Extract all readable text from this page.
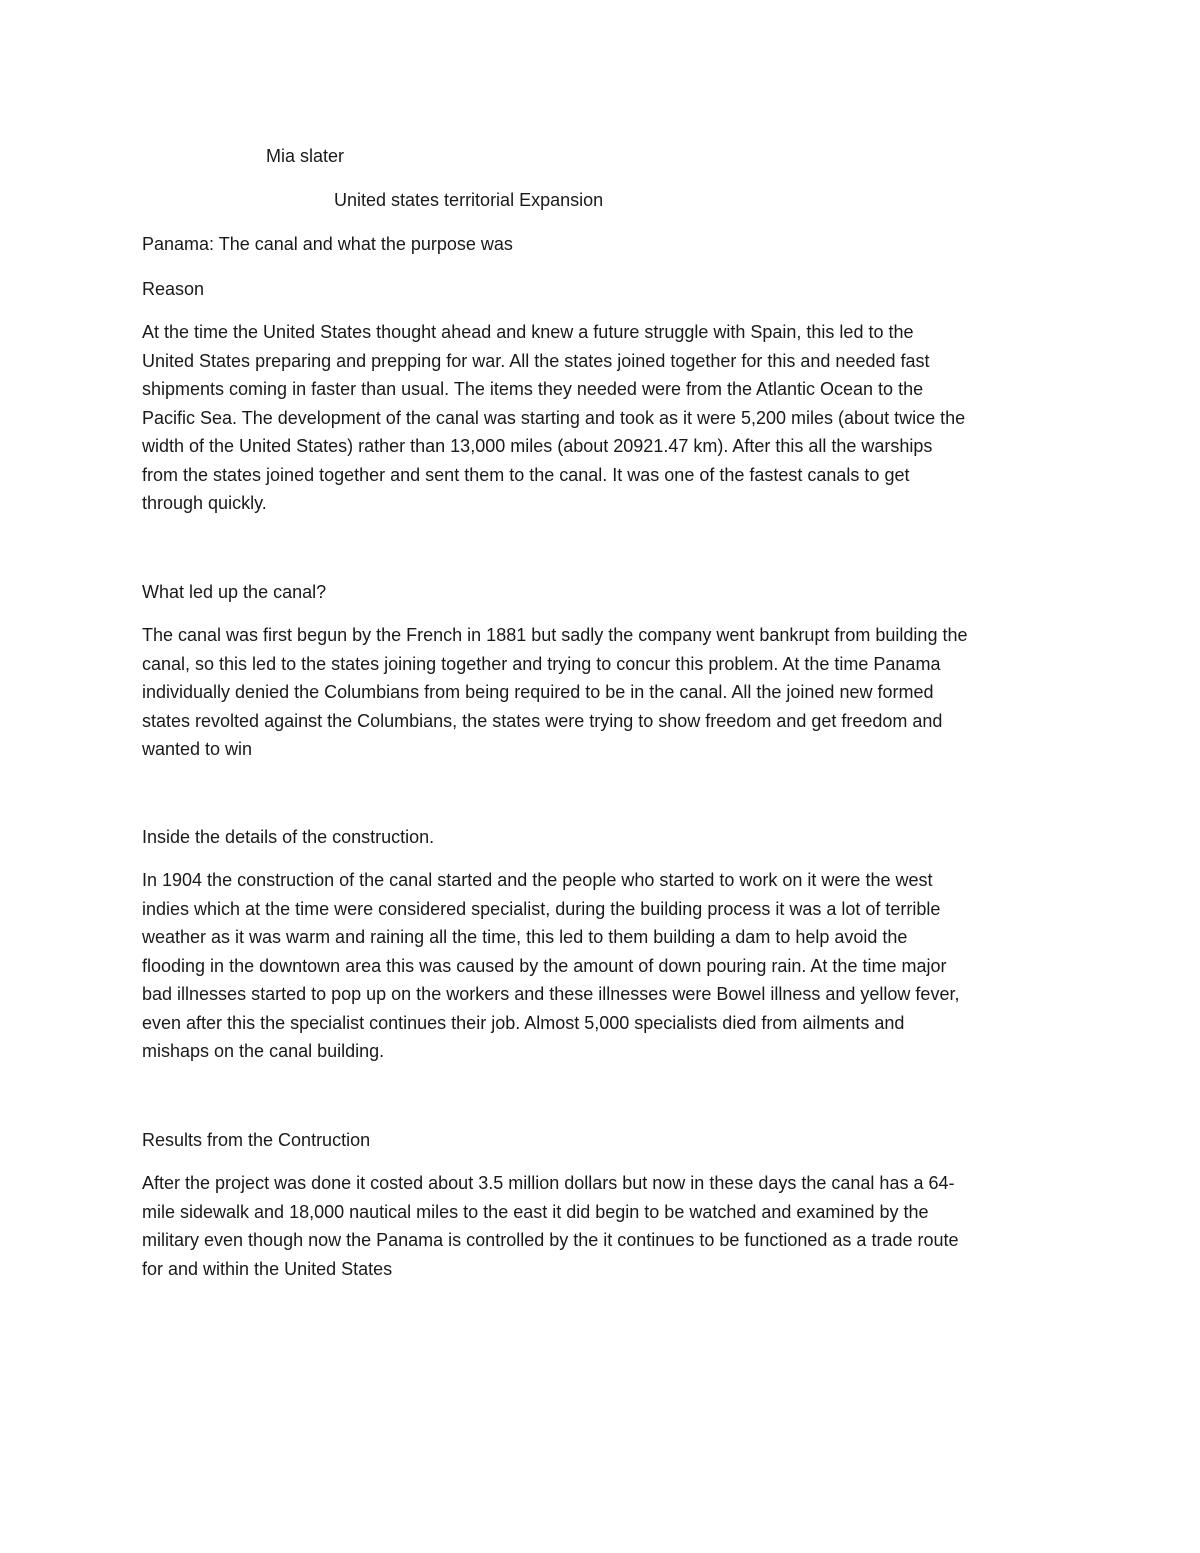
Mia slater
United states territorial Expansion
Panama: The canal and what the purpose was
Reason

At the time the United States thought ahead and knew a future struggle with Spain, this led to the
United States preparing and prepping for war. All the states joined together for this and needed fast
shipments coming in faster than usual. The items they needed were from the Atlantic Ocean to the
Pacific Sea. The development of the canal was starting and took as it were 5,200 miles (about twice the
width of the United States) rather than 13,000 miles (about 20921.47 km). After this all the warships
from the states joined together and sent them to the canal. It was one of the fastest canals to get
through quickly.

What led up the canal?

The canal was first begun by the French in 1881 but sadly the company went bankrupt from building the
canal, so this led to the states joining together and trying to concur this problem. At the time Panama
individually denied the Columbians from being required to be in the canal. All the joined new formed
states revolted against the Columbians, the states were trying to show freedom and get freedom and
wanted to win

Inside the details of the construction.

In 1904 the construction of the canal started and the people who started to work on it were the west
indies which at the time were considered specialist, during the building process it was a lot of terrible
weather as it was warm and raining all the time, this led to them building a dam to help avoid the
flooding in the downtown area this was caused by the amount of down pouring rain. At the time major
bad illnesses started to pop up on the workers and these illnesses were Bowel illness and yellow fever,
even after this the specialist continues their job. Almost 5,000 specialists died from ailments and
mishaps on the canal building.

Results from the Contruction

After the project was done it costed about 3.5 million dollars but now in these days the canal has a 64-
mile sidewalk and 18,000 nautical miles to the east it did begin to be watched and examined by the
military even though now the Panama is controlled by the it continues to be functioned as a trade route
for and within the United States
